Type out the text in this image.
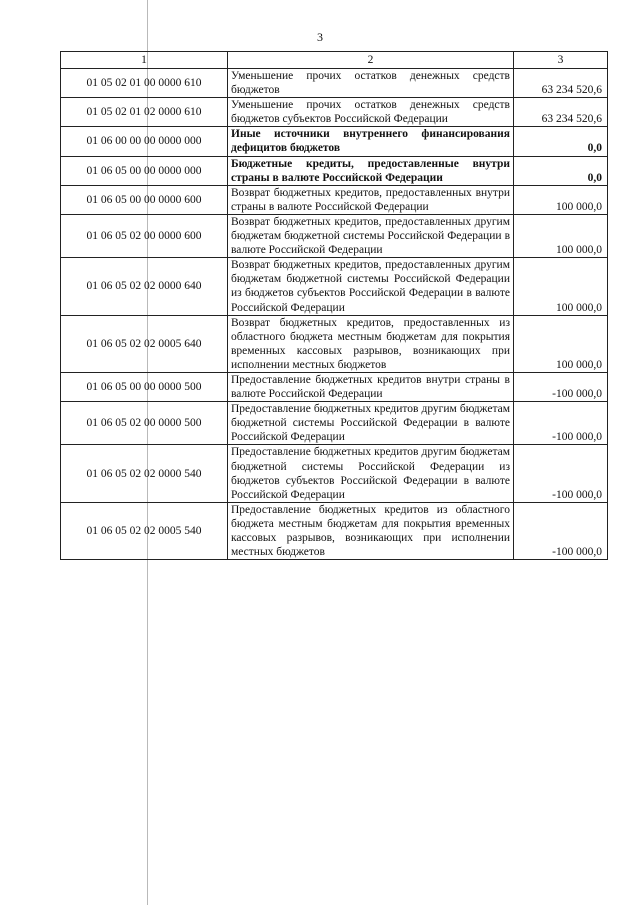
3
1	2	3
01 05 02 01 00 0000 610	Уменьшение прочих остатков денежных средств бюджетов	63 234 520,6
01 05 02 01 02 0000 610	Уменьшение прочих остатков денежных средств бюджетов субъектов Российской Федерации	63 234 520,6
01 06 00 00 00 0000 000	Иные источники внутреннего финансирования дефицитов бюджетов	0,0
01 06 05 00 00 0000 000	Бюджетные кредиты, предоставленные внутри страны в валюте Российской Федерации	0,0
01 06 05 00 00 0000 600	Возврат бюджетных кредитов, предоставленных внутри страны в валюте Российской Федерации	100 000,0
01 06 05 02 00 0000 600	Возврат бюджетных кредитов, предоставленных другим бюджетам бюджетной системы Российской Федерации в валюте Российской Федерации	100 000,0
01 06 05 02 02 0000 640	Возврат бюджетных кредитов, предоставленных другим бюджетам бюджетной системы Российской Федерации из бюджетов субъектов Российской Федерации в валюте Российской Федерации	100 000,0
01 06 05 02 02 0005 640	Возврат бюджетных кредитов, предоставленных из областного бюджета местным бюджетам для покрытия временных кассовых разрывов, возникающих при исполнении местных бюджетов	100 000,0
01 06 05 00 00 0000 500	Предоставление бюджетных кредитов внутри страны в валюте Российской Федерации	-100 000,0
01 06 05 02 00 0000 500	Предоставление бюджетных кредитов другим бюджетам бюджетной системы Российской Федерации в валюте Российской Федерации	-100 000,0
01 06 05 02 02 0000 540	Предоставление бюджетных кредитов другим бюджетам бюджетной системы Российской Федерации из бюджетов субъектов Российской Федерации в валюте Российской Федерации	-100 000,0
01 06 05 02 02 0005 540	Предоставление бюджетных кредитов из областного бюджета местным бюджетам для покрытия временных кассовых разрывов, возникающих при исполнении местных бюджетов	-100 000,0
